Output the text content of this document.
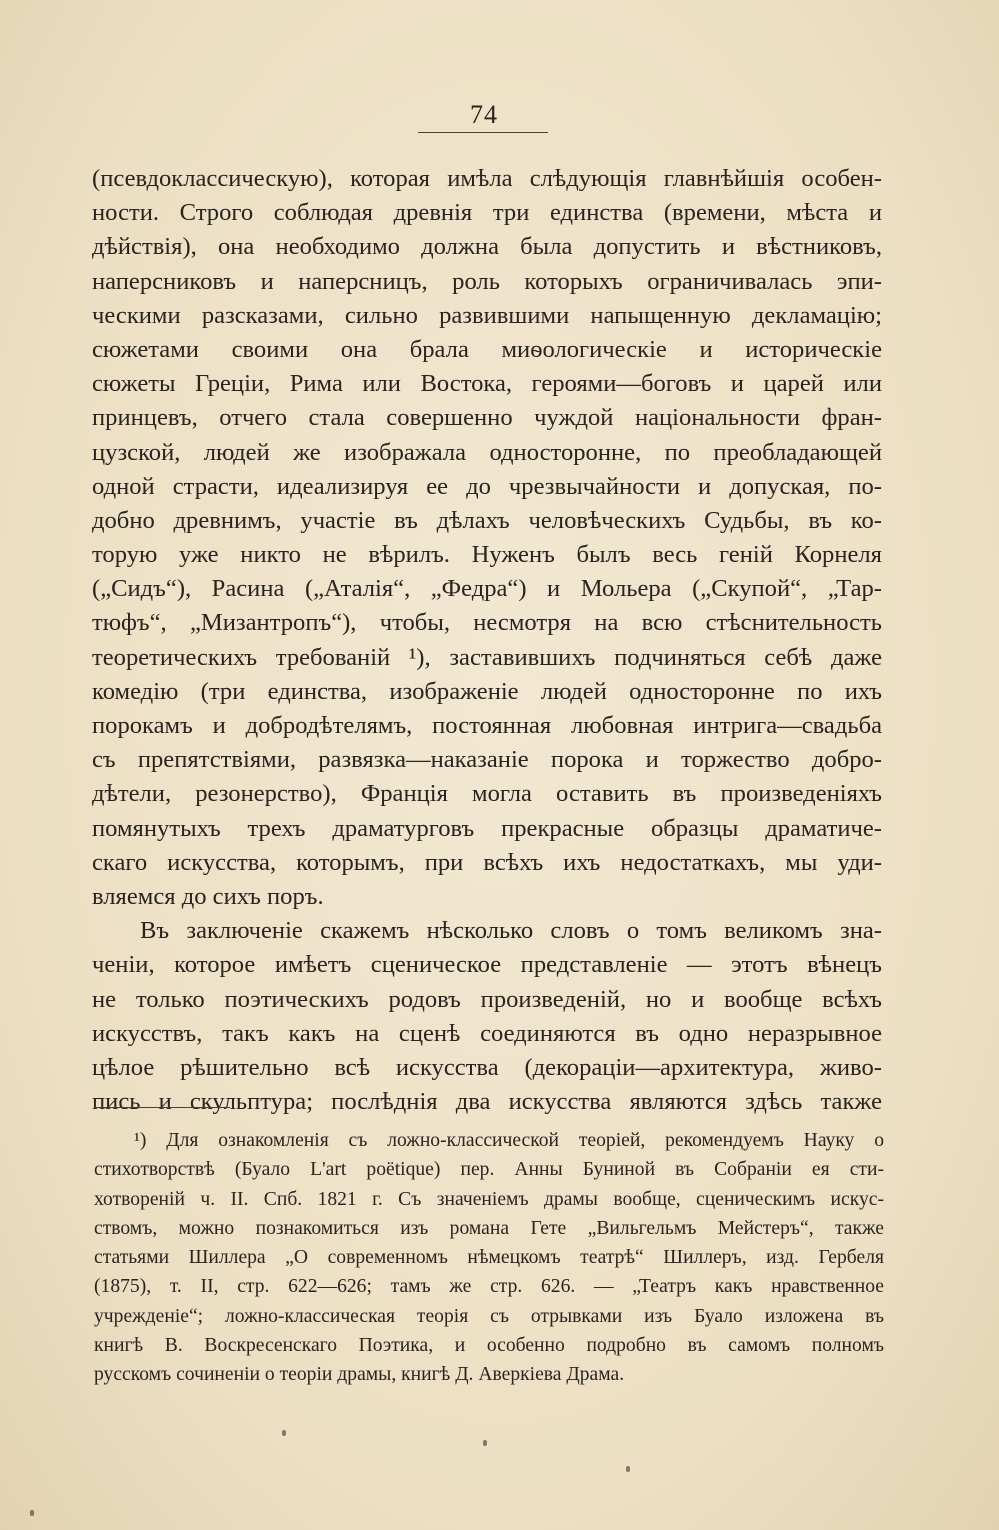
74
(псевдоклассическую), которая имѣла слѣдующія главнѣйшія особен-
ности. Строго соблюдая древнія три единства (времени, мѣста и
дѣйствія), она необходимо должна была допустить и вѣстниковъ,
наперсниковъ и наперсницъ, роль которыхъ ограничивалась эпи-
ческими разсказами, сильно развившими напыщенную декламацію;
сюжетами своими она брала миѳологическіе и историческіе
сюжеты Греціи, Рима или Востока, героями—боговъ и царей или
принцевъ, отчего стала совершенно чуждой національности фран-
цузской, людей же изображала односторонне, по преобладающей
одной страсти, идеализируя ее до чрезвычайности и допуская, по-
добно древнимъ, участіе въ дѣлахъ человѣческихъ Судьбы, въ ко-
торую уже никто не вѣрилъ. Нуженъ былъ весь геній Корнеля
(„Сидъ“), Расина („Аталія“, „Федра“) и Мольера („Скупой“, „Тар-
тюфъ“, „Мизантропъ“), чтобы, несмотря на всю стѣснительность
теоретическихъ требованій ¹), заставившихъ подчиняться себѣ даже
комедію (три единства, изображеніе людей односторонне по ихъ
порокамъ и добродѣтелямъ, постоянная любовная интрига—свадьба
съ препятствіями, развязка—наказаніе порока и торжество добро-
дѣтели, резонерство), Франція могла оставить въ произведеніяхъ
помянутыхъ трехъ драматурговъ прекрасные образцы драматиче-
скаго искусства, которымъ, при всѣхъ ихъ недостаткахъ, мы уди-
вляемся до сихъ поръ.
Въ заключеніе скажемъ нѣсколько словъ о томъ великомъ зна-
ченіи, которое имѣетъ сценическое представленіе — этотъ вѣнецъ
не только поэтическихъ родовъ произведеній, но и вообще всѣхъ
искусствъ, такъ какъ на сценѣ соединяются въ одно неразрывное
цѣлое рѣшительно всѣ искусства (декораціи—архитектура, живо-
пись и скульптура; послѣднія два искусства являются здѣсь также
¹) Для ознакомленія съ ложно-классической теоріей, рекомендуемъ Науку о
стихотворствѣ (Буало L'art poëtique) пер. Анны Буниной въ Собраніи ея сти-
хотвореній ч. II. Спб. 1821 г. Съ значеніемъ драмы вообще, сценическимъ искус-
ствомъ, можно познакомиться изъ романа Гете „Вильгельмъ Мейстеръ“, также
статьями Шиллера „О современномъ нѣмецкомъ театрѣ“ Шиллеръ, изд. Гербеля
(1875), т. II, стр. 622—626; тамъ же стр. 626. — „Театръ какъ нравственное
учрежденіе“; ложно-классическая теорія съ отрывками изъ Буало изложена въ
книгѣ В. Воскресенскаго Поэтика, и особенно подробно въ самомъ полномъ
русскомъ сочиненіи о теоріи драмы, книгѣ Д. Аверкіева Драма.
